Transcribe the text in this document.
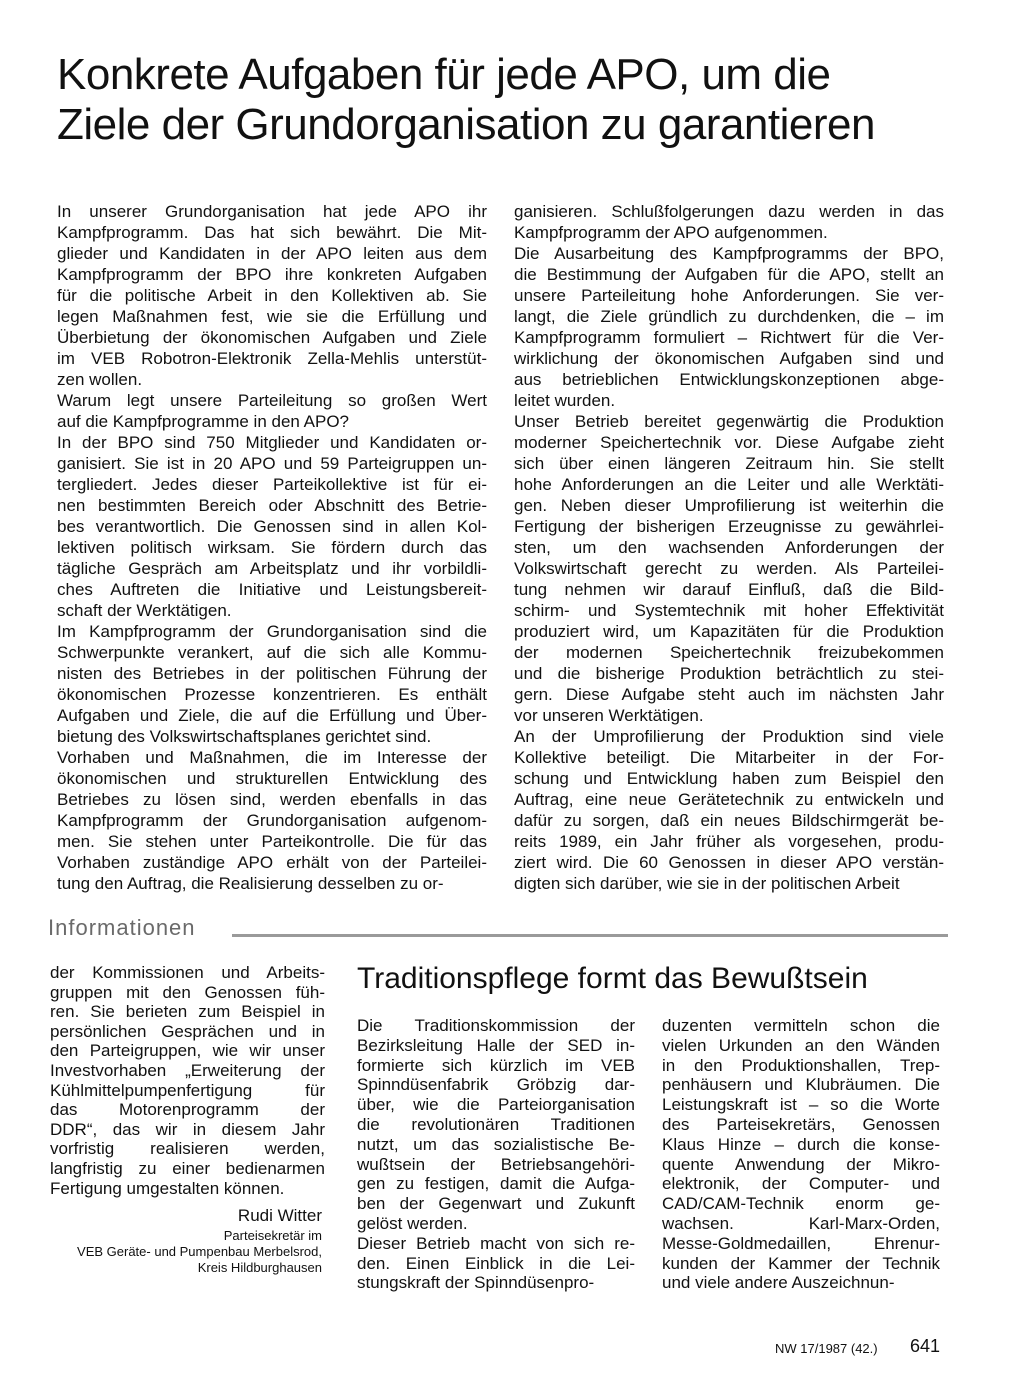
Konkrete Aufgaben für jede APO, um die
Ziele der Grundorganisation zu garantieren

In unserer Grundorganisation hat jede APO ihr

Kampfprogramm. Das hat sich bewährt. Die Mit-

glieder und Kandidaten in der APO leiten aus dem

Kampfprogramm der BPO ihre konkreten Aufgaben

für die politische Arbeit in den Kollektiven ab. Sie

legen Maßnahmen fest, wie sie die Erfüllung und

Überbietung der ökonomischen Aufgaben und Ziele

im VEB Robotron-Elektronik Zella-Mehlis unterstüt-

zen wollen.

Warum legt unsere Parteileitung so großen Wert

auf die Kampfprogramme in den APO?

In der BPO sind 750 Mitglieder und Kandidaten or-

ganisiert. Sie ist in 20 APO und 59 Parteigruppen un-

tergliedert. Jedes dieser Parteikollektive ist für ei-

nen bestimmten Bereich oder Abschnitt des Betrie-

bes verantwortlich. Die Genossen sind in allen Kol-

lektiven politisch wirksam. Sie fördern durch das

tägliche Gespräch am Arbeitsplatz und ihr vorbildli-

ches Auftreten die Initiative und Leistungsbereit-

schaft der Werktätigen.

Im Kampfprogramm der Grundorganisation sind die

Schwerpunkte verankert, auf die sich alle Kommu-

nisten des Betriebes in der politischen Führung der

ökonomischen Prozesse konzentrieren. Es enthält

Aufgaben und Ziele, die auf die Erfüllung und Über-

bietung des Volkswirtschaftsplanes gerichtet sind.

Vorhaben und Maßnahmen, die im Interesse der

ökonomischen und strukturellen Entwicklung des

Betriebes zu lösen sind, werden ebenfalls in das

Kampfprogramm der Grundorganisation aufgenom-

men. Sie stehen unter Parteikontrolle. Die für das

Vorhaben zuständige APO erhält von der Parteilei-

tung den Auftrag, die Realisierung desselben zu or-

ganisieren. Schlußfolgerungen dazu werden in das

Kampfprogramm der APO aufgenommen.

Die Ausarbeitung des Kampfprogramms der BPO,

die Bestimmung der Aufgaben für die APO, stellt an

unsere Parteileitung hohe Anforderungen. Sie ver-

langt, die Ziele gründlich zu durchdenken, die – im

Kampfprogramm formuliert – Richtwert für die Ver-

wirklichung der ökonomischen Aufgaben sind und

aus betrieblichen Entwicklungskonzeptionen abge-

leitet wurden.

Unser Betrieb bereitet gegenwärtig die Produktion

moderner Speichertechnik vor. Diese Aufgabe zieht

sich über einen längeren Zeitraum hin. Sie stellt

hohe Anforderungen an die Leiter und alle Werktäti-

gen. Neben dieser Umprofilierung ist weiterhin die

Fertigung der bisherigen Erzeugnisse zu gewährlei-

sten, um den wachsenden Anforderungen der

Volkswirtschaft gerecht zu werden. Als Parteilei-

tung nehmen wir darauf Einfluß, daß die Bild-

schirm- und Systemtechnik mit hoher Effektivität

produziert wird, um Kapazitäten für die Produktion

der modernen Speichertechnik freizubekommen

und die bisherige Produktion beträchtlich zu stei-

gern. Diese Aufgabe steht auch im nächsten Jahr

vor unseren Werktätigen.

An der Umprofilierung der Produktion sind viele

Kollektive beteiligt. Die Mitarbeiter in der For-

schung und Entwicklung haben zum Beispiel den

Auftrag, eine neue Gerätetechnik zu entwickeln und

dafür zu sorgen, daß ein neues Bildschirmgerät be-

reits 1989, ein Jahr früher als vorgesehen, produ-

ziert wird. Die 60 Genossen in dieser APO verstän-

digten sich darüber, wie sie in der politischen Arbeit

Informationen

der Kommissionen und Arbeits-

gruppen mit den Genossen füh-

ren. Sie berieten zum Beispiel in

persönlichen Gesprächen und in

den Parteigruppen, wie wir unser

Investvorhaben „Erweiterung der

Kühlmittelpumpenfertigung für

das Motorenprogramm der

DDR“, das wir in diesem Jahr

vorfristig realisieren werden,

langfristig zu einer bedienarmen

Fertigung umgestalten können.

Rudi Witter
Parteisekretär im
VEB Geräte- und Pumpenbau Merbelsrod,
Kreis Hildburghausen
Traditionspflege formt das Bewußtsein

Die Traditionskommission der

Bezirksleitung Halle der SED in-

formierte sich kürzlich im VEB

Spinndüsenfabrik Gröbzig dar-

über, wie die Parteiorganisation

die revolutionären Traditionen

nutzt, um das sozialistische Be-

wußtsein der Betriebsangehöri-

gen zu festigen, damit die Aufga-

ben der Gegenwart und Zukunft

gelöst werden.

Dieser Betrieb macht von sich re-

den. Einen Einblick in die Lei-

stungskraft der Spinndüsenpro-

duzenten vermitteln schon die

vielen Urkunden an den Wänden

in den Produktionshallen, Trep-

penhäusern und Klubräumen. Die

Leistungskraft ist – so die Worte

des Parteisekretärs, Genossen

Klaus Hinze – durch die konse-

quente Anwendung der Mikro-

elektronik, der Computer- und

CAD/CAM-Technik enorm ge-

wachsen. Karl-Marx-Orden,

Messe-Goldmedaillen, Ehrenur-

kunden der Kammer der Technik

und viele andere Auszeichnun-

NW 17/1987 (42.) 641
